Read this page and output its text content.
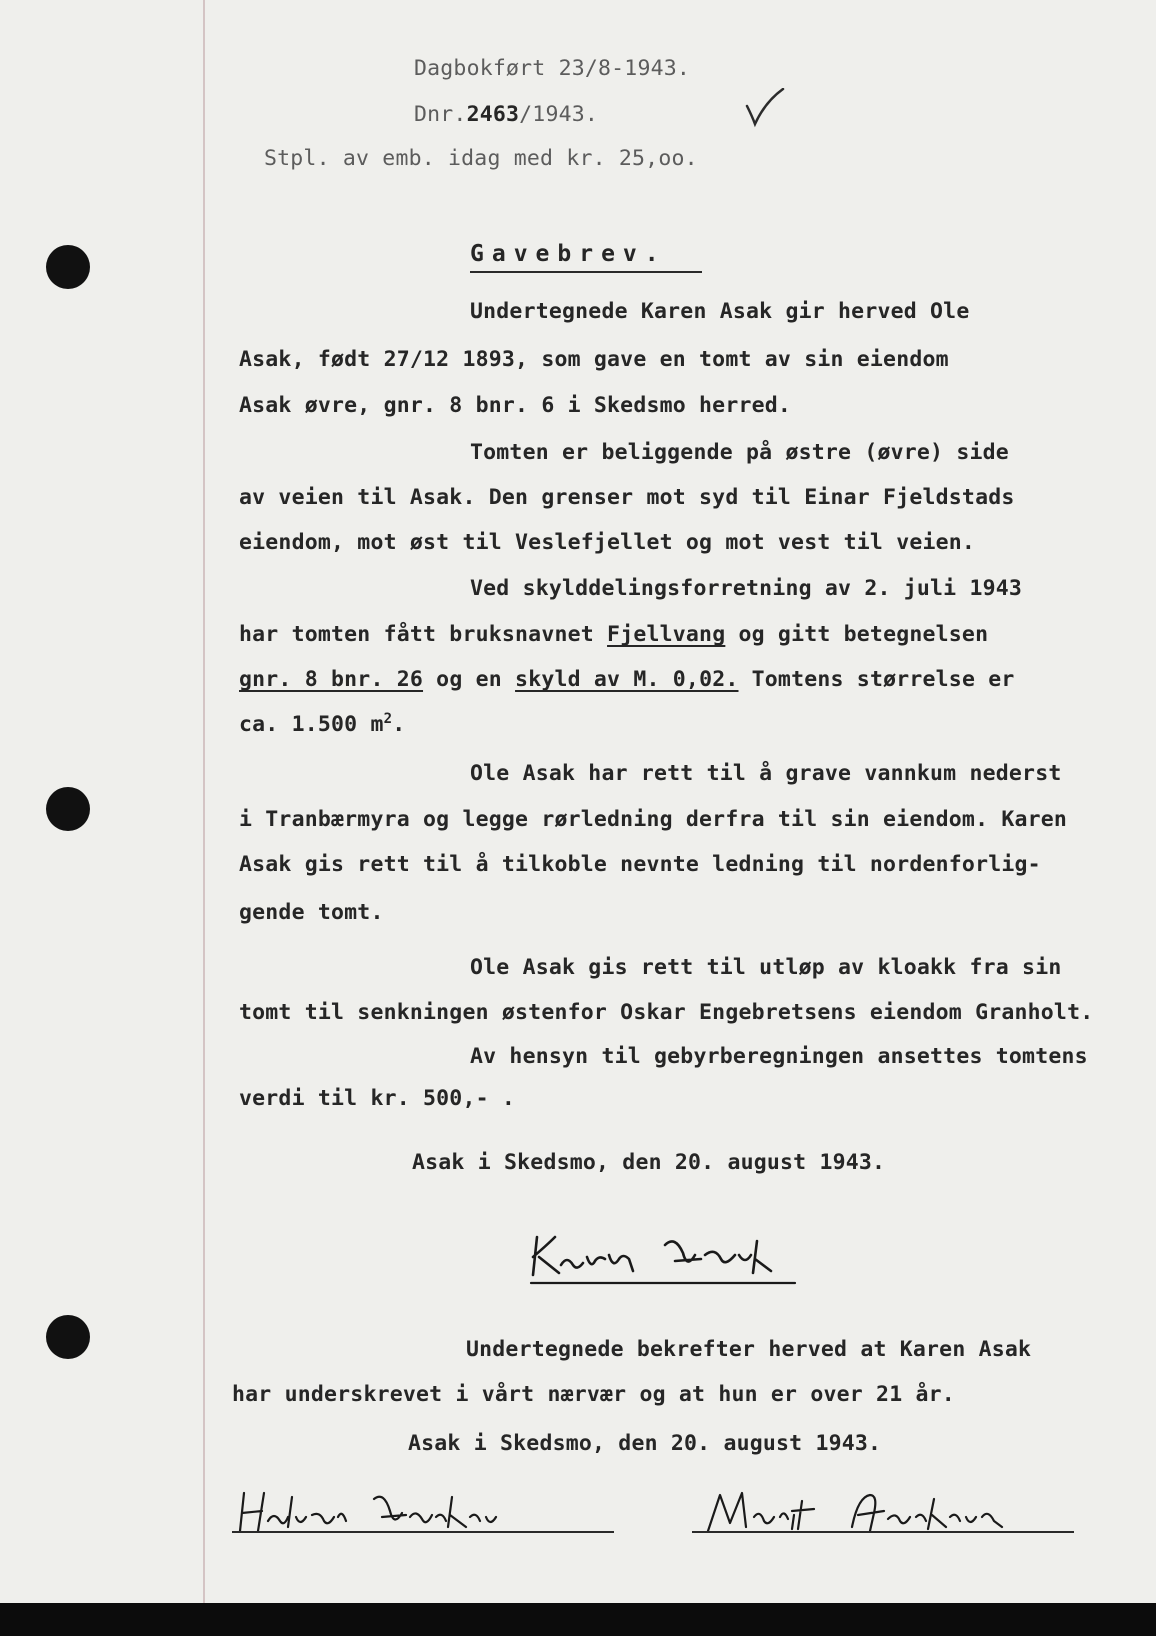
Dagbokført 23/8-1943.
Dnr.2463/1943.
Stpl. av emb. idag med kr. 25,oo.
Gavebrev.
Undertegnede Karen Asak gir herved Ole
Asak, født 27/12 1893, som gave en tomt av sin eiendom
Asak øvre, gnr. 8 bnr. 6 i Skedsmo herred.
Tomten er beliggende på østre (øvre) side
av veien til Asak. Den grenser mot syd til Einar Fjeldstads
eiendom, mot øst til Veslefjellet og mot vest til veien.
Ved skylddelingsforretning av 2. juli 1943
har tomten fått bruksnavnet Fjellvang og gitt betegnelsen
gnr. 8 bnr. 26 og en skyld av M. 0,02. Tomtens størrelse er
ca. 1.500 $m^2$.
Ole Asak har rett til å grave vannkum nederst
i Tranbærmyra og legge rørledning derfra til sin eiendom. Karen
Asak gis rett til å tilkoble nevnte ledning til nordenforlig-
gende tomt.
Ole Asak gis rett til utløp av kloakk fra sin
tomt til senkningen østenfor Oskar Engebretsens eiendom Granholt.
Av hensyn til gebyrberegningen ansettes tomtens
verdi til kr. 500,- .
Asak i Skedsmo, den 20. august 1943.
Undertegnede bekrefter herved at Karen Asak
har underskrevet i vårt nærvær og at hun er over 21 år.
Asak i Skedsmo, den 20. august 1943.
